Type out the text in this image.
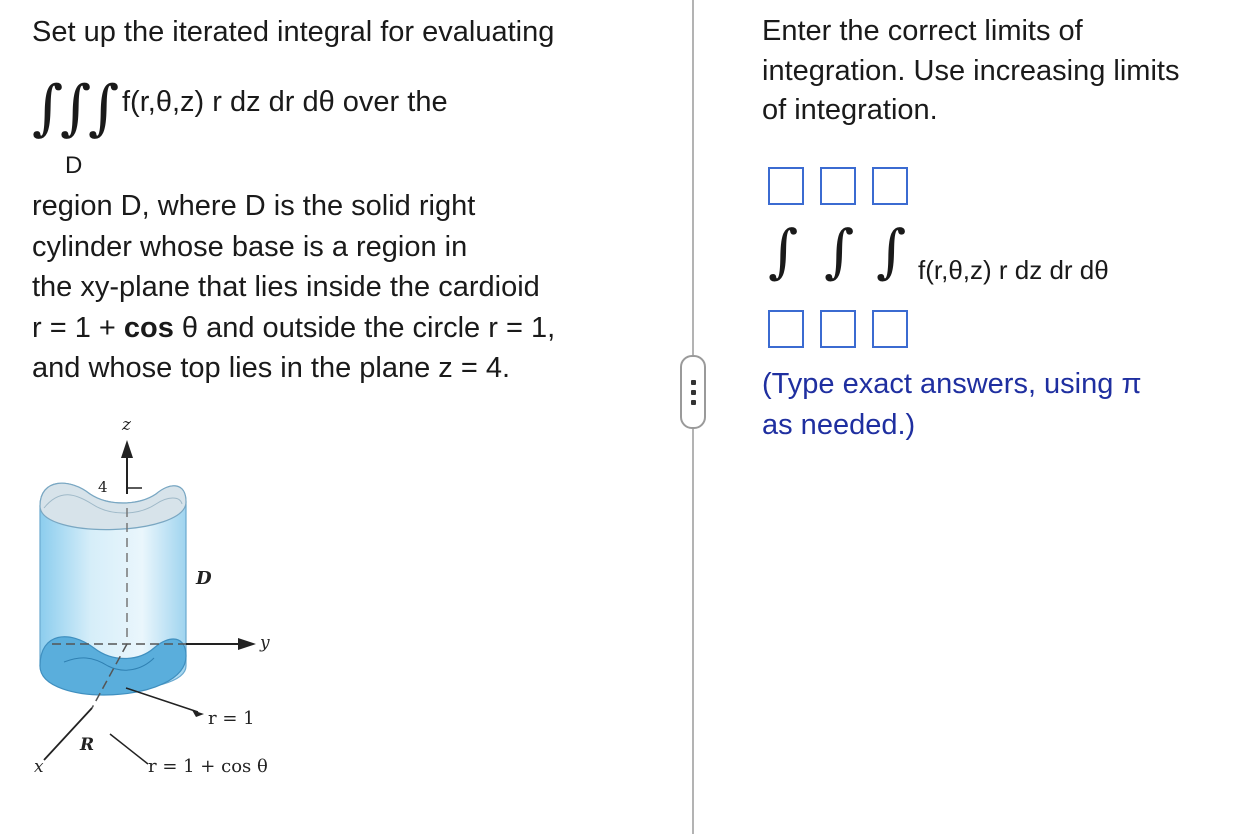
Set up the iterated integral for evaluating
∫
∫
∫ f(r,θ,z) r dz dr dθ over the
D
region D, where D is the solid right
cylinder whose base is a region in
the xy-plane that lies inside the cardioid
r = 1 + cos θ and outside the circle r = 1,
and whose top lies in the plane z = 4.
y
z
4
x
D
R
r = 1
r = 1 + cos θ
Enter the correct limits of
integration. Use increasing limits
of integration.
∫ ∫ ∫ f(r,θ,z) r dz dr dθ
(Type exact answers, using π
as needed.)
